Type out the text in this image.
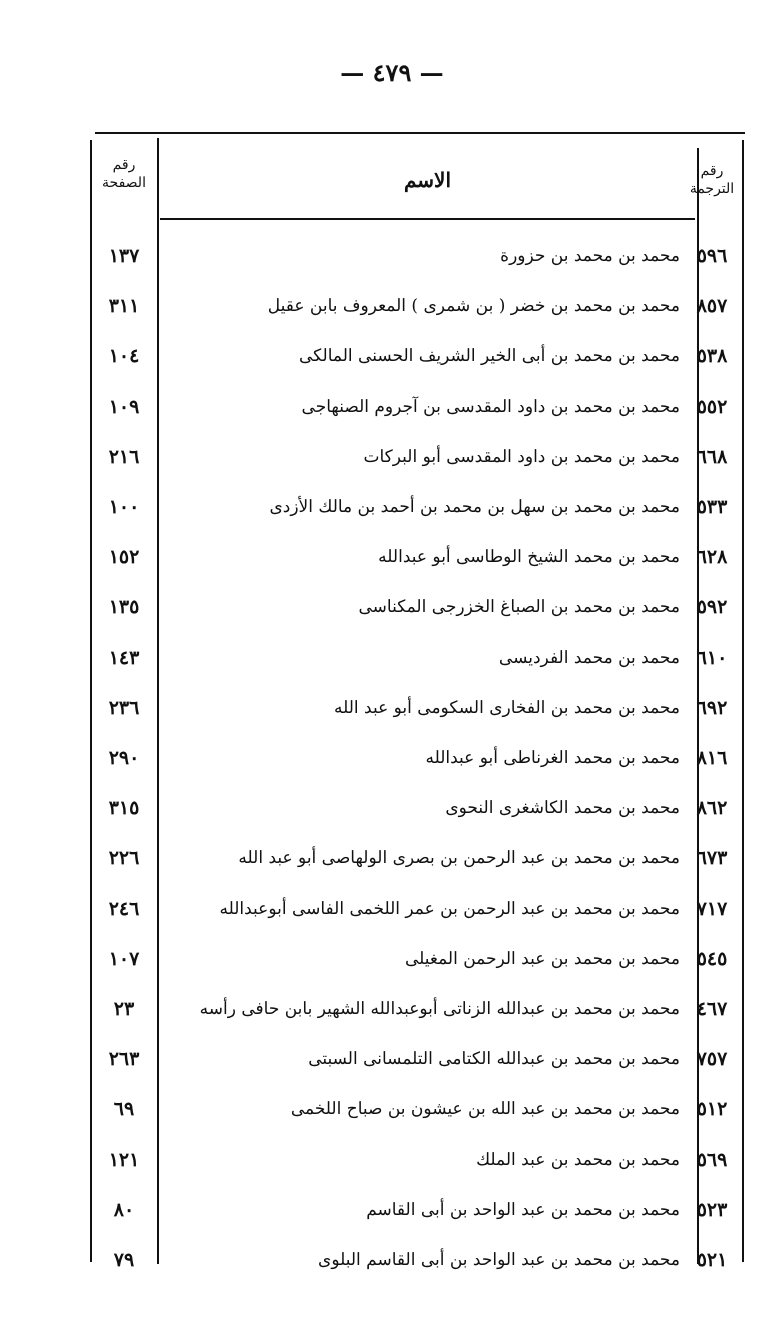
— ٤٧٩ —
رقم
الترجمة
الاسم
رقم
الصفحة
٥٩٦
محمد بن محمد بن حزورة
١٣٧
٨٥٧
محمد بن محمد بن خضر ( بن شمرى ) المعروف بابن عقيل
٣١١
٥٣٨
محمد بن محمد بن أبى الخير الشريف الحسنى المالكى
١٠٤
٥٥٢
محمد بن محمد بن داود المقدسى بن آجروم الصنهاجى
١٠٩
٦٦٨
محمد بن محمد بن داود المقدسى أبو البركات
٢١٦
٥٣٣
محمد بن محمد بن سهل بن محمد بن أحمد بن مالك الأزدى
١٠٠
٦٢٨
محمد بن محمد الشيخ الوطاسى أبو عبدالله
١٥٢
٥٩٢
محمد بن محمد بن الصباغ الخزرجى المكناسى
١٣٥
٦١٠
محمد بن محمد الفرديسى
١٤٣
٦٩٢
محمد بن محمد بن الفخارى السكومى أبو عبد الله
٢٣٦
٨١٦
محمد بن محمد الغرناطى أبو عبدالله
٢٩٠
٨٦٢
محمد بن محمد الكاشغرى النحوى
٣١٥
٦٧٣
محمد بن محمد بن عبد الرحمن بن بصرى الولهاصى أبو عبد الله
٢٢٦
٧١٧
محمد بن محمد بن عبد الرحمن بن عمر اللخمى الفاسى أبوعبدالله
٢٤٦
٥٤٥
محمد بن محمد بن عبد الرحمن المغيلى
١٠٧
٤٦٧
محمد بن محمد بن عبدالله الزناتى أبوعبدالله الشهير بابن حافى رأسه
٢٣
٧٥٧
محمد بن محمد بن عبدالله الكتامى التلمسانى السبتى
٢٦٣
٥١٢
محمد بن محمد بن عبد الله بن عيشون بن صباح اللخمى
٦٩
٥٦٩
محمد بن محمد بن عبد الملك
١٢١
٥٢٣
محمد بن محمد بن عبد الواحد بن أبى القاسم
٨٠
٥٢١
محمد بن محمد بن عبد الواحد بن أبى القاسم البلوى
٧٩
